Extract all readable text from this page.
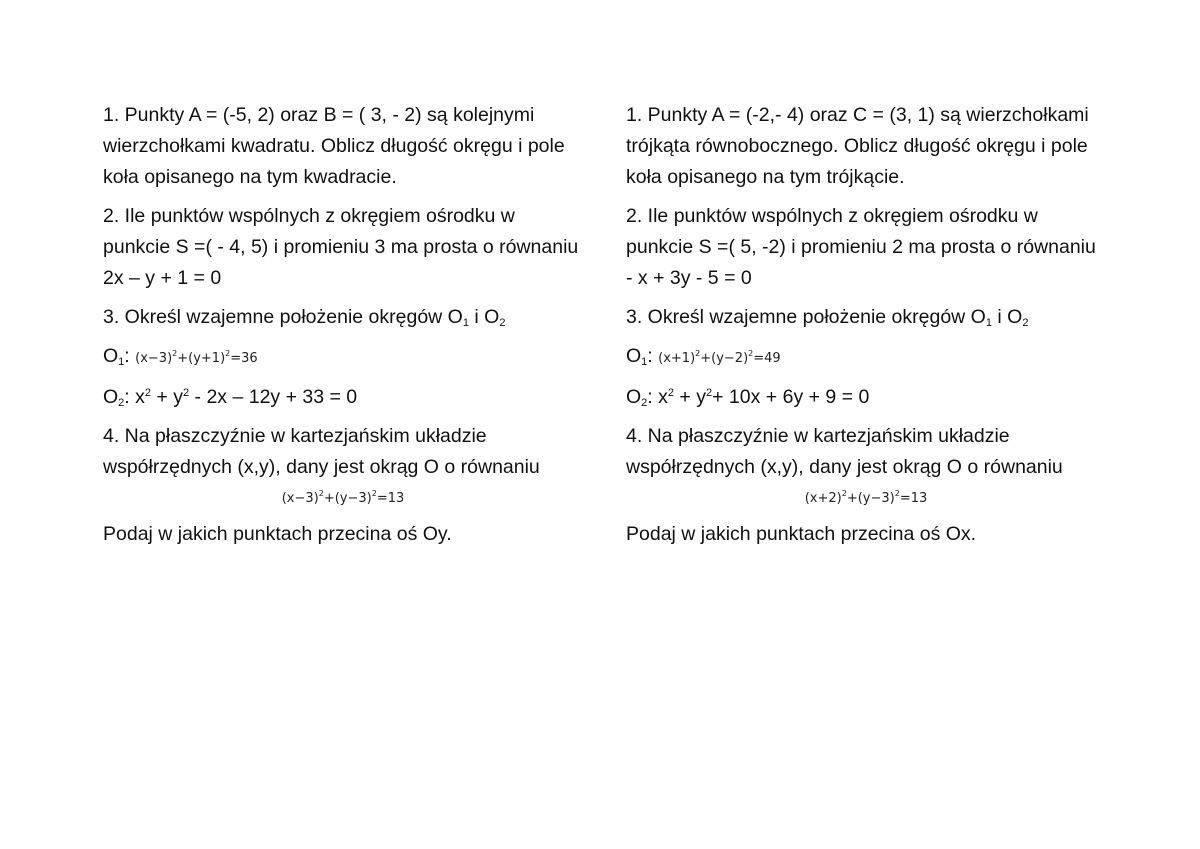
1. Punkty A = (-5, 2) oraz B = ( 3, - 2) są kolejnymi wierzchołkami kwadratu. Oblicz długość okręgu i pole koła opisanego na tym kwadracie.

2. Ile punktów wspólnych z okręgiem ośrodku w punkcie S =( - 4, 5) i promieniu 3 ma prosta o równaniu 2x – y + 1 = 0

3. Określ wzajemne położenie okręgów $O_1$ i $O_2$

$O_1$: $(x-3)^2+(y+1)^2=36$

$O_2$: $x^2 + y^2 - 2x - 12y + 33 = 0$

4. Na płaszczyźnie w kartezjańskim układzie współrzędnych (x,y), dany jest okrąg O o równaniu

$(x-3)^2+(y-3)^2=13$

Podaj w jakich punktach przecina oś Oy.

1. Punkty A = (-2,- 4) oraz C = (3, 1) są wierzchołkami trójkąta równobocznego. Oblicz długość okręgu i pole koła opisanego na tym trójkącie.

2. Ile punktów wspólnych z okręgiem ośrodku w punkcie S =( 5, -2) i promieniu 2 ma prosta o równaniu - x + 3y - 5 = 0

3. Określ wzajemne położenie okręgów $O_1$ i $O_2$

$O_1$: $(x+1)^2+(y-2)^2=49$

$O_2$: $x^2 + y^2+ 10x + 6y + 9 = 0$

4. Na płaszczyźnie w kartezjańskim układzie współrzędnych (x,y), dany jest okrąg O o równaniu

$(x+2)^2+(y-3)^2=13$

Podaj w jakich punktach przecina oś Ox.
